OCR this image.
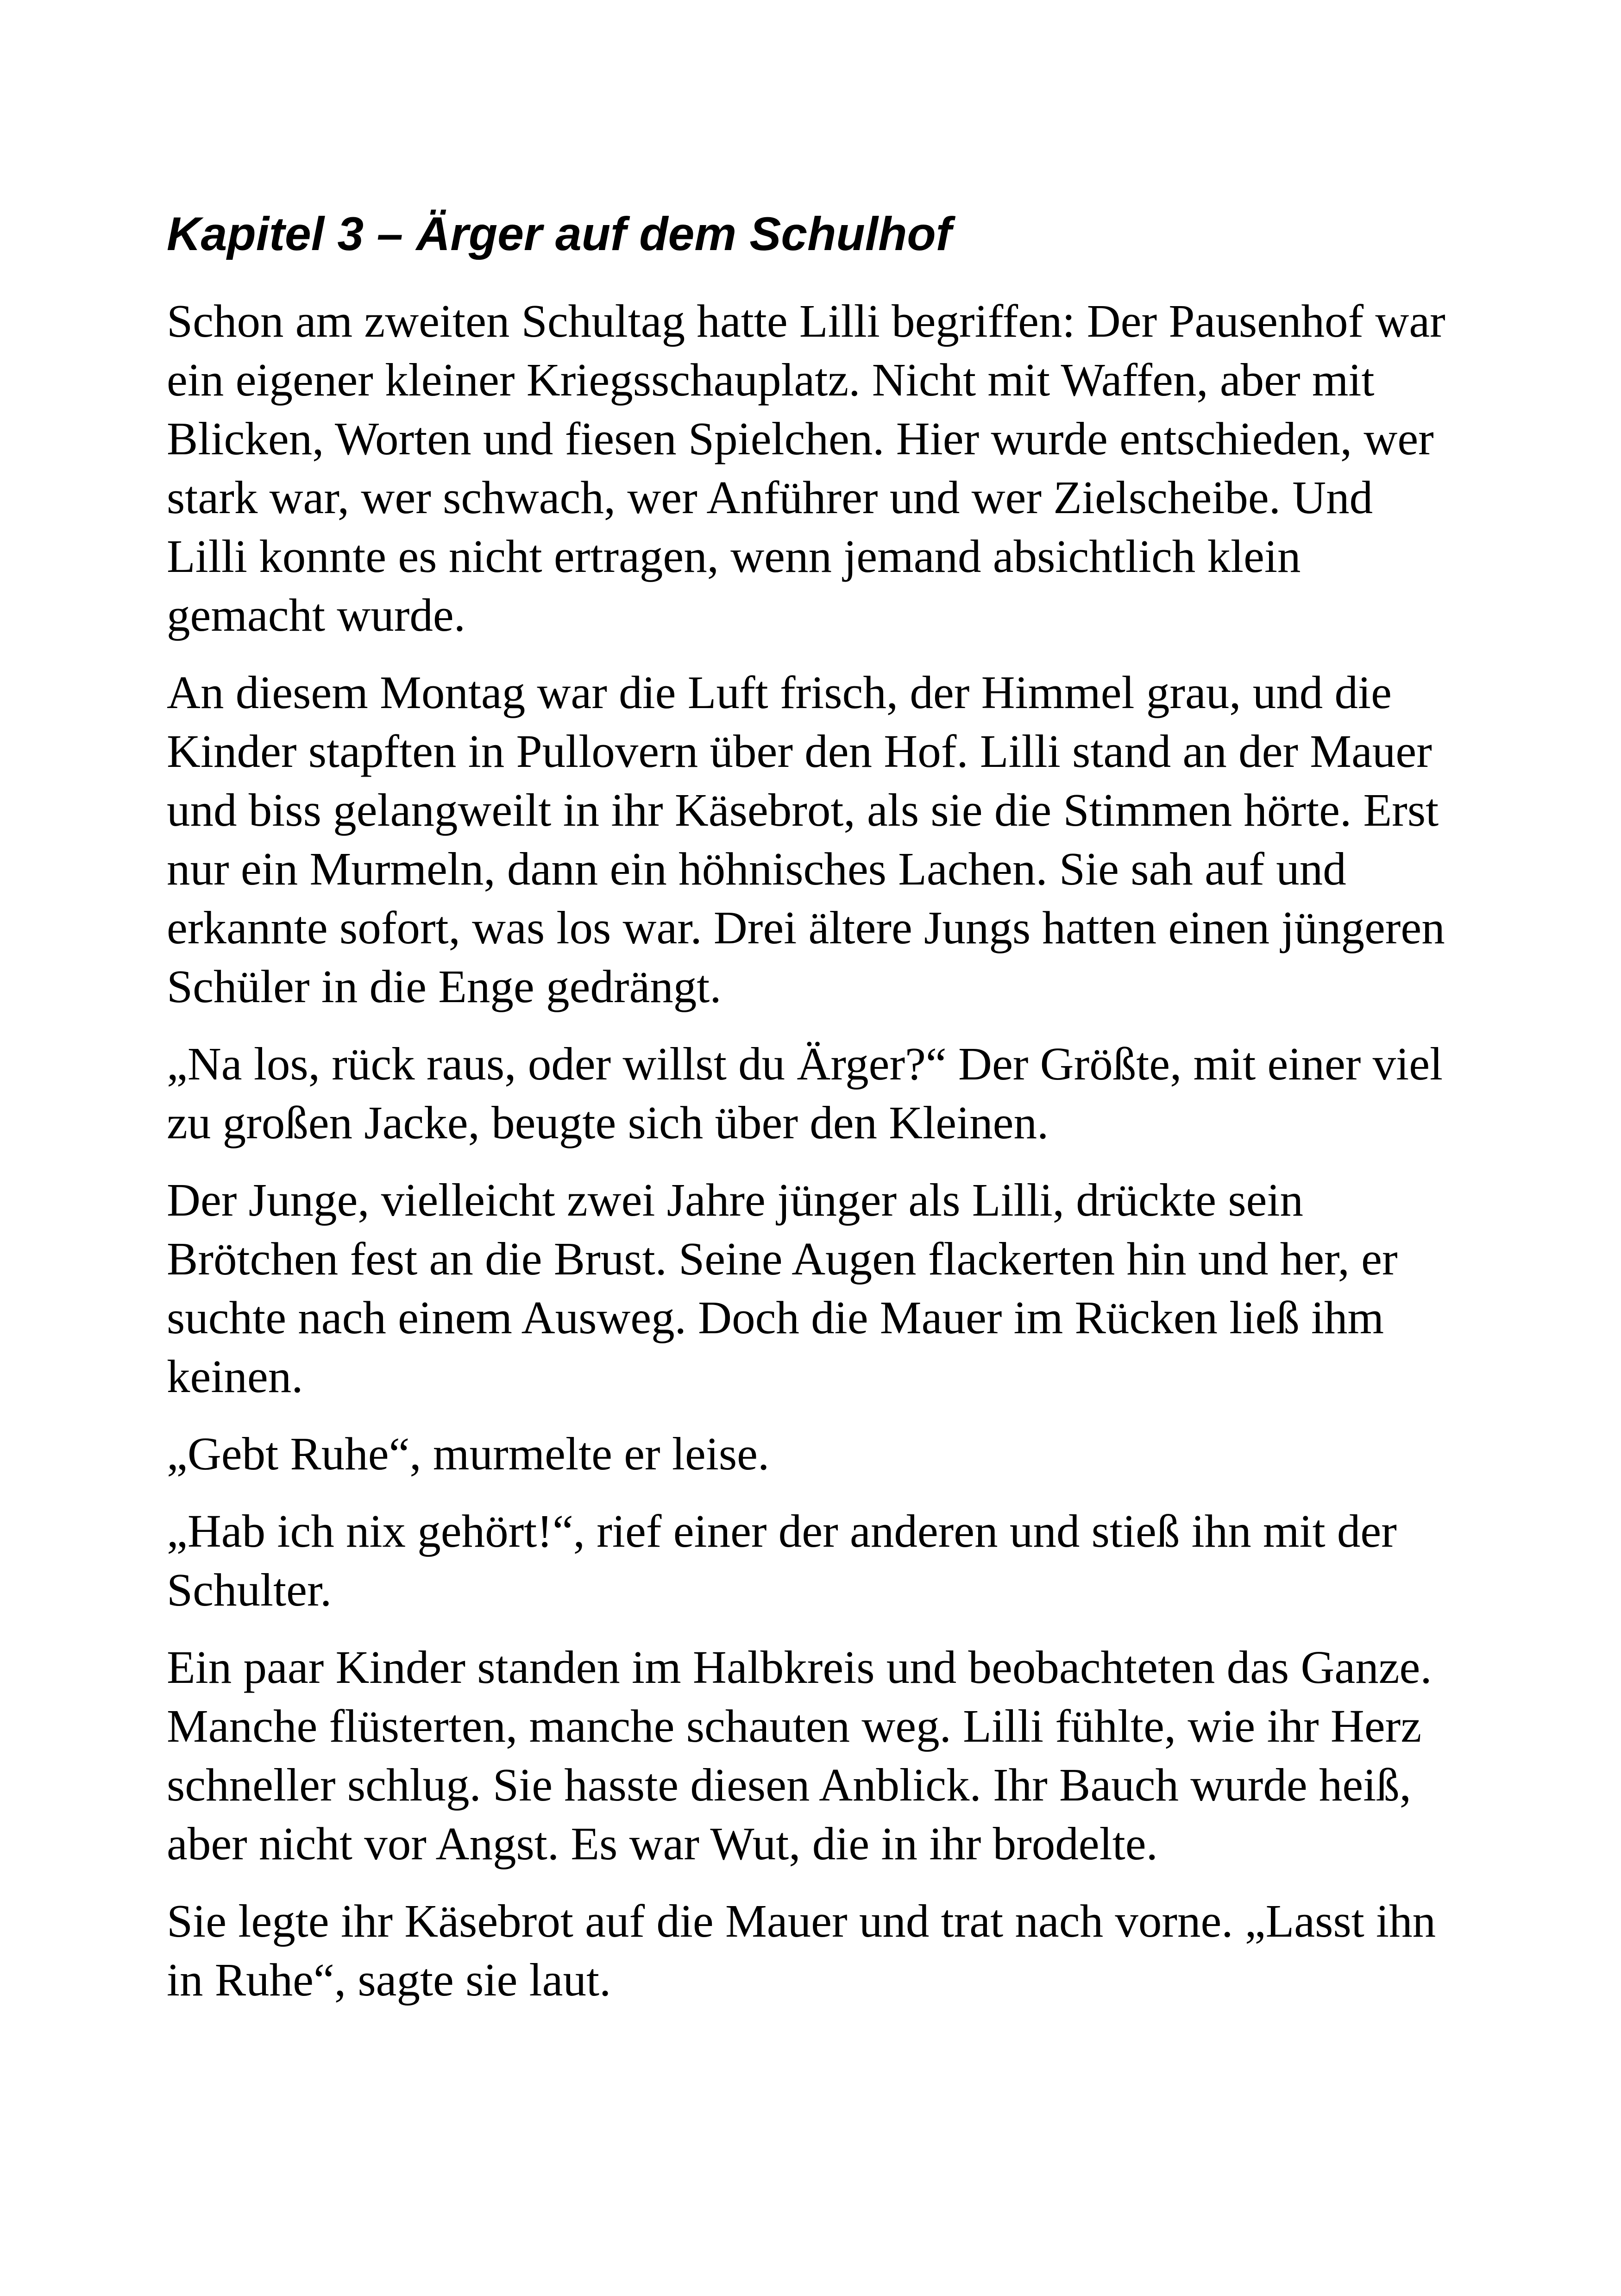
Kapitel 3 – Ärger auf dem Schulhof

Schon am zweiten Schultag hatte Lilli begriffen: Der Pausenhof war ein eigener kleiner Kriegsschauplatz. Nicht mit Waffen, aber mit Blicken, Worten und fiesen Spielchen. Hier wurde entschieden, wer stark war, wer schwach, wer Anführer und wer Zielscheibe. Und Lilli konnte es nicht ertragen, wenn jemand absichtlich klein gemacht wurde.

An diesem Montag war die Luft frisch, der Himmel grau, und die Kinder stapften in Pullovern über den Hof. Lilli stand an der Mauer und biss gelangweilt in ihr Käsebrot, als sie die Stimmen hörte. Erst nur ein Murmeln, dann ein höhnisches Lachen. Sie sah auf und erkannte sofort, was los war. Drei ältere Jungs hatten einen jüngeren Schüler in die Enge gedrängt.

„Na los, rück raus, oder willst du Ärger?“ Der Größte, mit einer viel zu großen Jacke, beugte sich über den Kleinen.

Der Junge, vielleicht zwei Jahre jünger als Lilli, drückte sein Brötchen fest an die Brust. Seine Augen flackerten hin und her, er suchte nach einem Ausweg. Doch die Mauer im Rücken ließ ihm keinen.

„Gebt Ruhe“, murmelte er leise.

„Hab ich nix gehört!“, rief einer der anderen und stieß ihn mit der Schulter.

Ein paar Kinder standen im Halbkreis und beobachteten das Ganze. Manche flüsterten, manche schauten weg. Lilli fühlte, wie ihr Herz schneller schlug. Sie hasste diesen Anblick. Ihr Bauch wurde heiß, aber nicht vor Angst. Es war Wut, die in ihr brodelte.

Sie legte ihr Käsebrot auf die Mauer und trat nach vorne. „Lasst ihn in Ruhe“, sagte sie laut.
